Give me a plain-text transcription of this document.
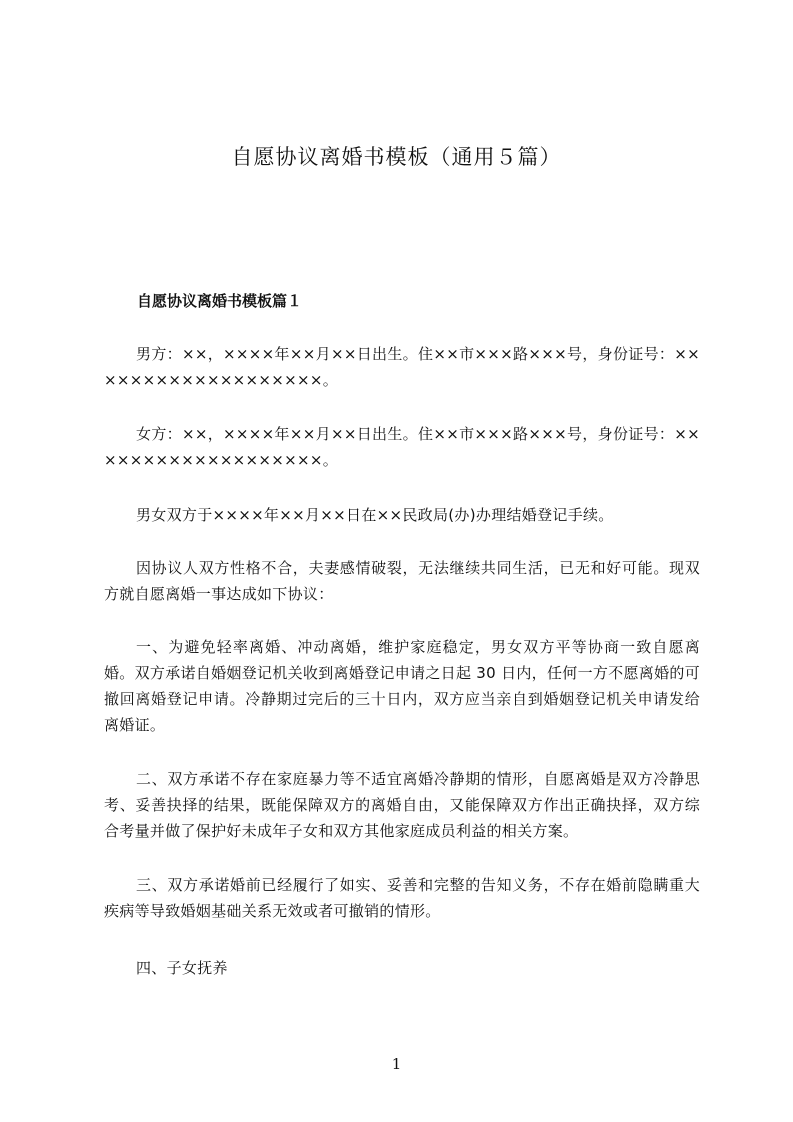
自愿协议离婚书模板（通用５篇）
自愿协议离婚书模板篇１
男方：××，××××年××月××日出生。住××市×××路×××号，身份证号：×××××××××××××××××××。
女方：××，××××年××月××日出生。住××市×××路×××号，身份证号：×××××××××××××××××××。
男女双方于××××年××月××日在××民政局(办)办理结婚登记手续。
因协议人双方性格不合，夫妻感情破裂，无法继续共同生活，已无和好可能。现双方就自愿离婚一事达成如下协议：
一、为避免轻率离婚、冲动离婚，维护家庭稳定，男女双方平等协商一致自愿离婚。双方承诺自婚姻登记机关收到离婚登记申请之日起 30 日内，任何一方不愿离婚的可撤回离婚登记申请。冷静期过完后的三十日内，双方应当亲自到婚姻登记机关申请发给离婚证。
二、双方承诺不存在家庭暴力等不适宜离婚冷静期的情形，自愿离婚是双方冷静思考、妥善抉择的结果，既能保障双方的离婚自由，又能保障双方作出正确抉择，双方综合考量并做了保护好未成年子女和双方其他家庭成员利益的相关方案。
三、双方承诺婚前已经履行了如实、妥善和完整的告知义务，不存在婚前隐瞒重大疾病等导致婚姻基础关系无效或者可撤销的情形。
四、子女抚养
1
